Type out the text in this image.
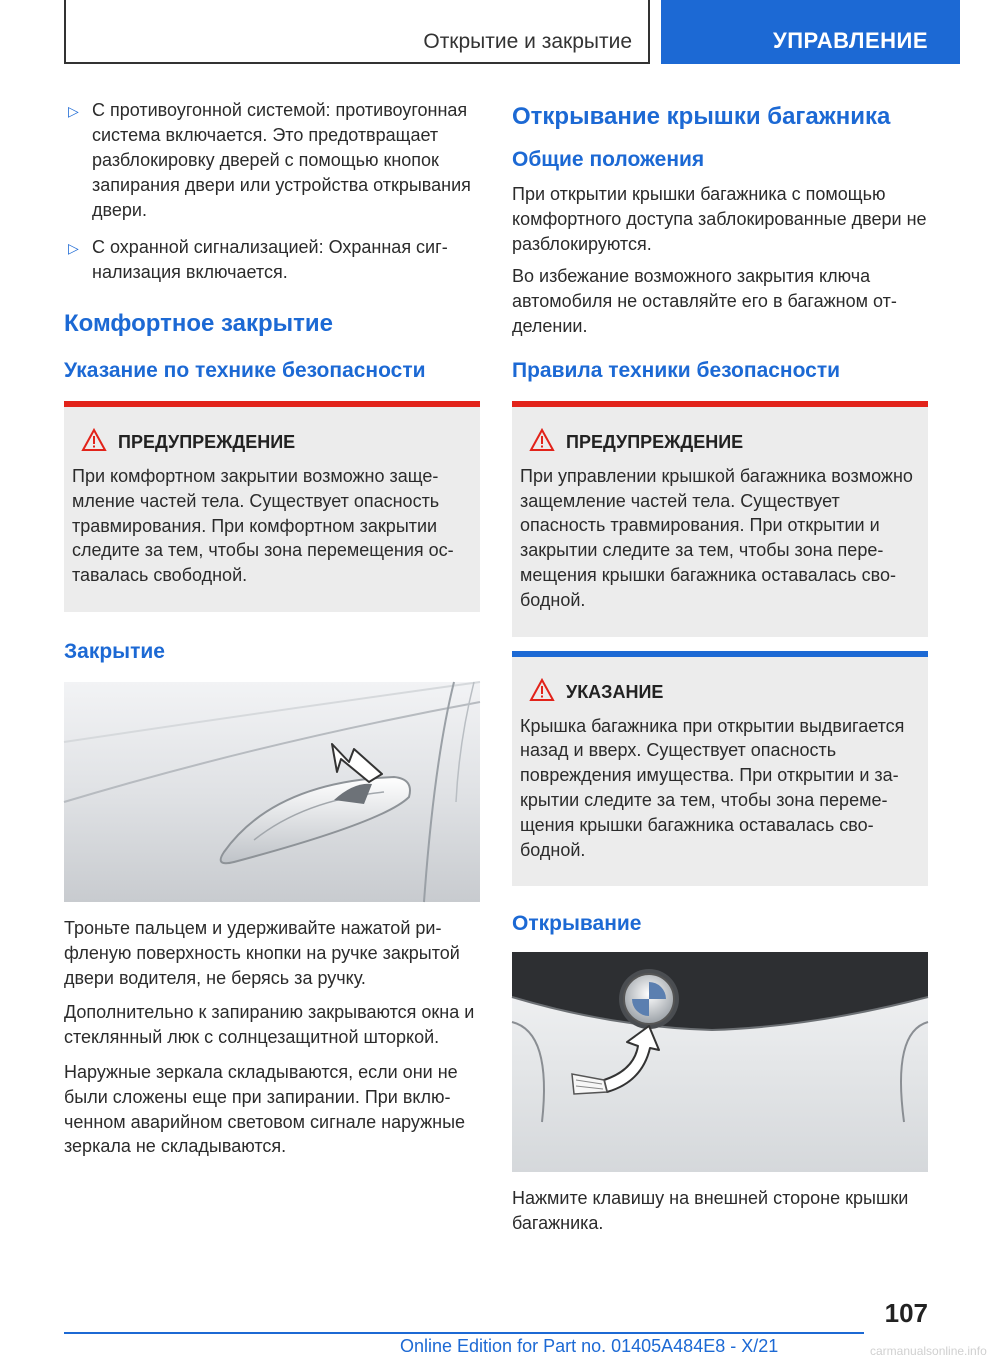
Открытие и закрытие	УПРАВЛЕНИЕ
▷ С противоугонной системой: противоугонная система включается. Это предотвращает разблокировку дверей с помощью кнопок запирания двери или устройства открывания двери.
▷ С охранной сигнализацией: Охранная сигнализация включается.
Комфортное закрытие
Указание по технике безопасности
ПРЕДУПРЕЖДЕНИЕ
При комфортном закрытии возможно защемление частей тела. Существует опасность травмирования. При комфортном закрытии следите за тем, чтобы зона перемещения оставалась свободной.
Закрытие
Троньте пальцем и удерживайте нажатой рифленую поверхность кнопки на ручке закрытой двери водителя, не берясь за ручку.
Дополнительно к запиранию закрываются окна и стеклянный люк с солнцезащитной шторкой.
Наружные зеркала складываются, если они не были сложены еще при запирании. При включенном аварийном световом сигнале наружные зеркала не складываются.
Открывание крышки багажника
Общие положения
При открытии крышки багажника с помощью комфортного доступа заблокированные двери не разблокируются.
Во избежание возможного закрытия ключа автомобиля не оставляйте его в багажном отделении.
Правила техники безопасности
ПРЕДУПРЕЖДЕНИЕ
При управлении крышкой багажника возможно защемление частей тела. Существует опасность травмирования. При открытии и закрытии следите за тем, чтобы зона перемещения крышки багажника оставалась свободной.
УКАЗАНИЕ
Крышка багажника при открытии выдвигается назад и вверх. Существует опасность повреждения имущества. При открытии и закрытии следите за тем, чтобы зона перемещения крышки багажника оставалась свободной.
Открывание
Нажмите клавишу на внешней стороне крышки багажника.
107
Online Edition for Part no. 01405A484E8 - X/21	carmanualsonline.info
